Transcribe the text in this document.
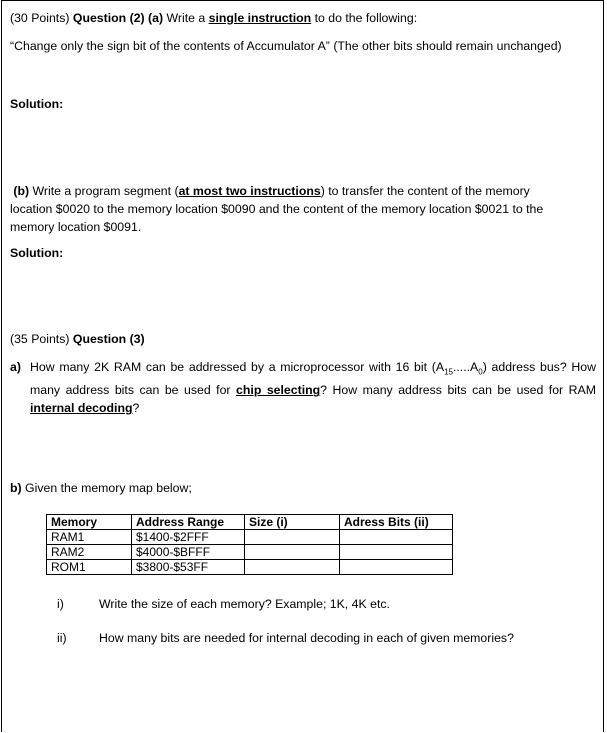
(30 Points) Question (2) (a) Write a single instruction to do the following:
“Change only the sign bit of the contents of Accumulator A” (The other bits should remain unchanged)
Solution:
(b) Write a program segment (at most two instructions) to transfer the content of the memory location $0020 to the memory location $0090 and the content of the memory location $0021 to the memory location $0091.
Solution:
(35 Points) Question (3)
a) How many 2K RAM can be addressed by a microprocessor with 16 bit $(A_{15}.....A_0)$ address bus? How many address bits can be used for chip selecting? How many address bits can be used for RAM internal decoding?
b) Given the memory map below;
Memory	Address Range	Size (i)	Adress Bits (ii)
RAM1	$1400-$2FFF		
RAM2	$4000-$BFFF		
ROM1	$3800-$53FF		
i)	Write the size of each memory? Example; 1K, 4K etc.
ii)	How many bits are needed for internal decoding in each of given memories?
